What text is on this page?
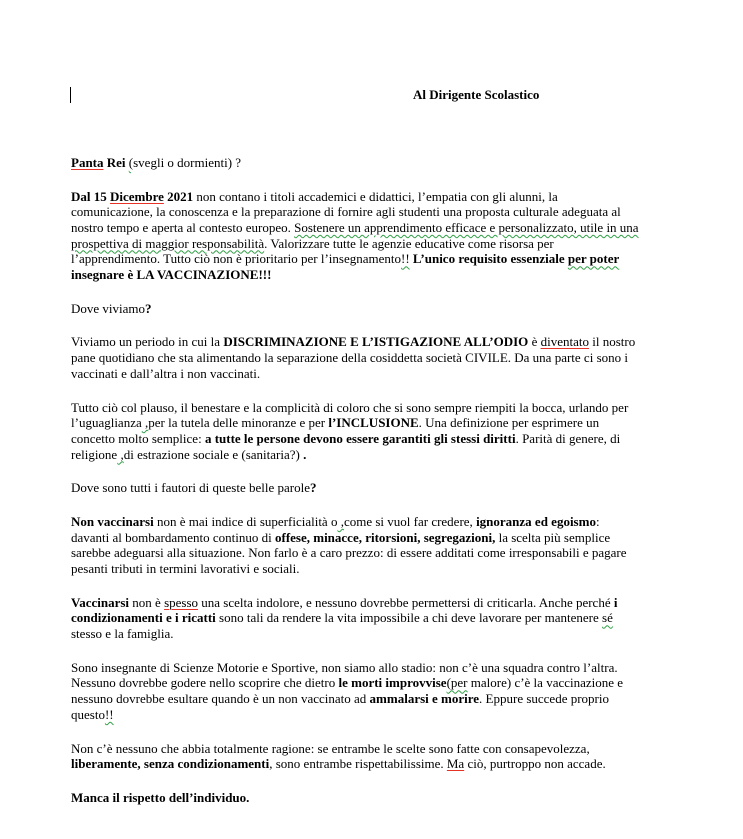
Al Dirigente Scolastico
Panta Rei (svegli o dormienti) ?
Dal 15 Dicembre 2021 non contano i titoli accademici e didattici, l’empatia con gli alunni, la
comunicazione, la conoscenza e la preparazione di fornire agli studenti una proposta culturale adeguata al
nostro tempo e aperta al contesto europeo. Sostenere un apprendimento efficace e personalizzato, utile in una
prospettiva di maggior responsabilità. Valorizzare tutte le agenzie educative come risorsa per
l’apprendimento. Tutto ciò non è prioritario per l’insegnamento!! L’unico requisito essenziale per poter
insegnare è LA VACCINAZIONE!!!
Dove viviamo?
Viviamo un periodo in cui la DISCRIMINAZIONE E L’ISTIGAZIONE ALL’ODIO è diventato il nostro
pane quotidiano che sta alimentando la separazione della cosiddetta società CIVILE. Da una parte ci sono i
vaccinati e dall’altra i non vaccinati.
Tutto ciò col plauso, il benestare e la complicità di coloro che si sono sempre riempiti la bocca, urlando per
l’uguaglianza ,per la tutela delle minoranze e per l’INCLUSIONE. Una definizione per esprimere un
concetto molto semplice: a tutte le persone devono essere garantiti gli stessi diritti. Parità di genere, di
religione ,di estrazione sociale e (sanitaria?) .
Dove sono tutti i fautori di queste belle parole?
Non vaccinarsi non è mai indice di superficialità o ,come si vuol far credere, ignoranza ed egoismo:
davanti al bombardamento continuo di offese, minacce, ritorsioni, segregazioni, la scelta più semplice
sarebbe adeguarsi alla situazione. Non farlo è a caro prezzo: di essere additati come irresponsabili e pagare
pesanti tributi in termini lavorativi e sociali.
Vaccinarsi non è spesso una scelta indolore, e nessuno dovrebbe permettersi di criticarla. Anche perché i
condizionamenti e i ricatti sono tali da rendere la vita impossibile a chi deve lavorare per mantenere sé
stesso e la famiglia.
Sono insegnante di Scienze Motorie e Sportive, non siamo allo stadio: non c’è una squadra contro l’altra.
Nessuno dovrebbe godere nello scoprire che dietro le morti improvvise(per malore) c’è la vaccinazione e
nessuno dovrebbe esultare quando è un non vaccinato ad ammalarsi e morire. Eppure succede proprio
questo!!
Non c’è nessuno che abbia totalmente ragione: se entrambe le scelte sono fatte con consapevolezza,
liberamente, senza condizionamenti, sono entrambe rispettabilissime. Ma ciò, purtroppo non accade.
Manca il rispetto dell’individuo.
